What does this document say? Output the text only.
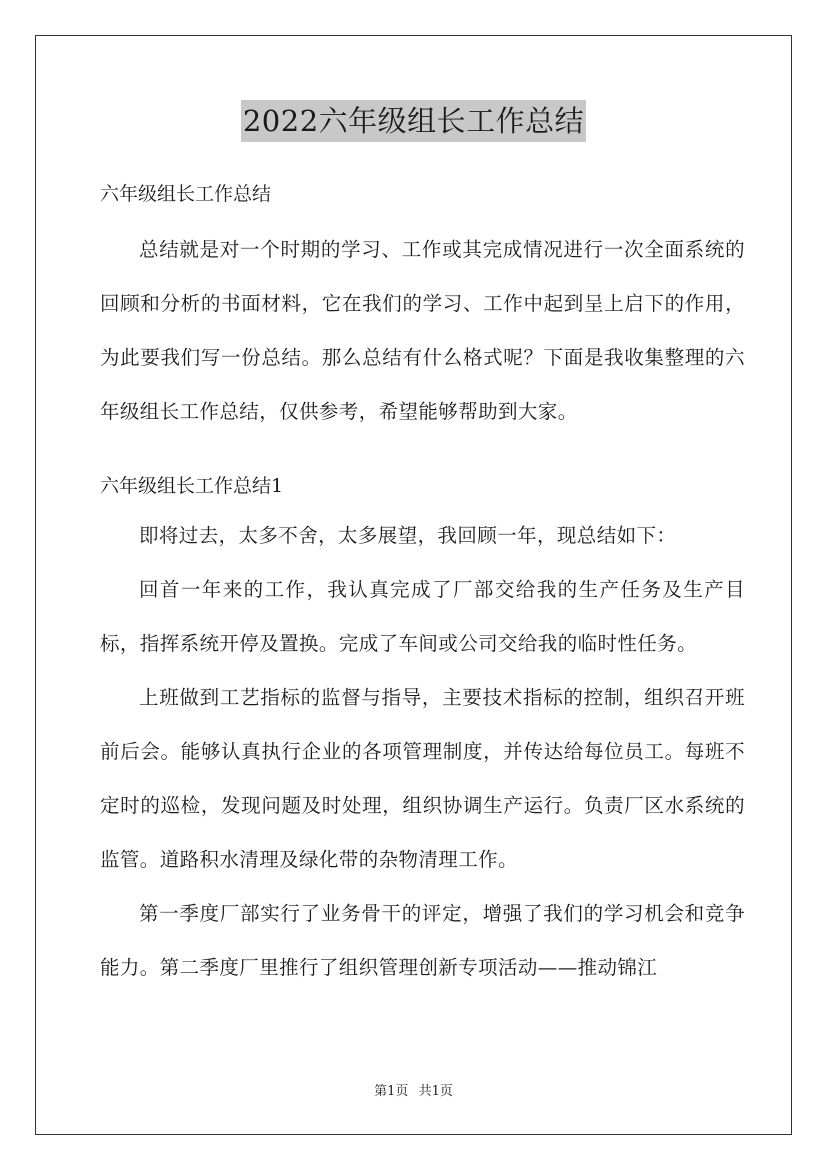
2022六年级组长工作总结

六年级组长工作总结

总结就是对一个时期的学习、工作或其完成情况进行一次全面系统的回顾和分析的书面材料，它在我们的学习、工作中起到呈上启下的作用，为此要我们写一份总结。那么总结有什么格式呢？下面是我收集整理的六年级组长工作总结，仅供参考，希望能够帮助到大家。

六年级组长工作总结1

即将过去，太多不舍，太多展望，我回顾一年，现总结如下：

回首一年来的工作，我认真完成了厂部交给我的生产任务及生产目标，指挥系统开停及置换。完成了车间或公司交给我的临时性任务。

上班做到工艺指标的监督与指导，主要技术指标的控制，组织召开班前后会。能够认真执行企业的各项管理制度，并传达给每位员工。每班不定时的巡检，发现问题及时处理，组织协调生产运行。负责厂区水系统的监管。道路积水清理及绿化带的杂物清理工作。

第一季度厂部实行了业务骨干的评定，增强了我们的学习机会和竞争能力。第二季度厂里推行了组织管理创新专项活动——推动锦江

第1页 共1页
